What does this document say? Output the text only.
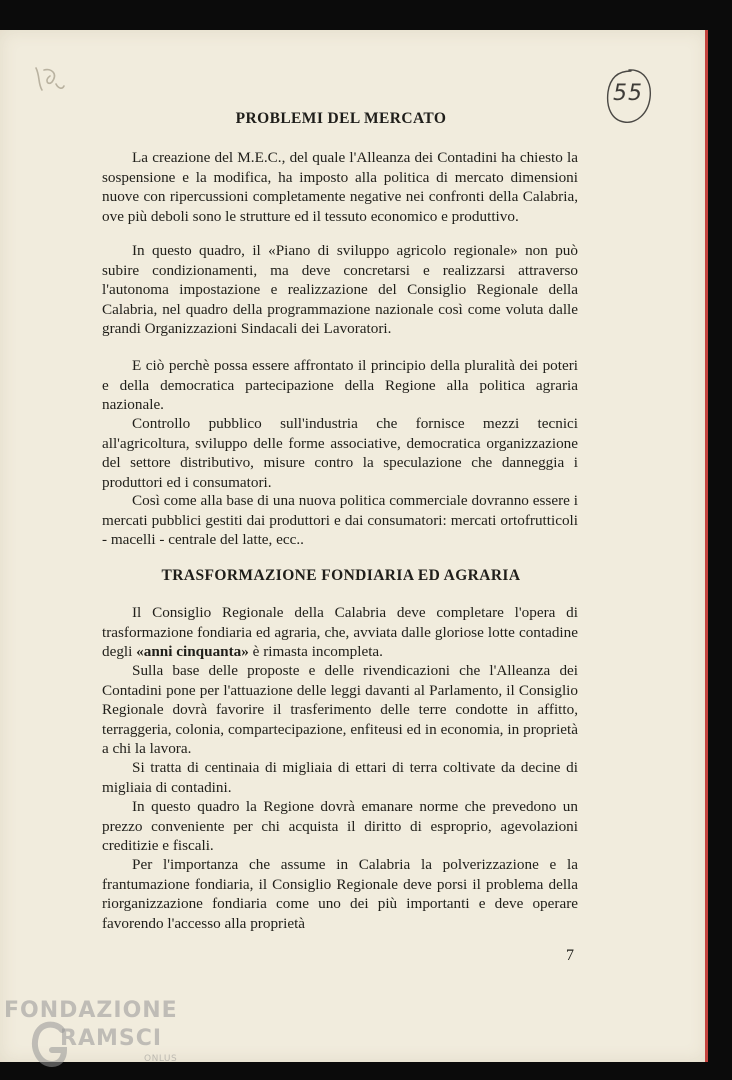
55
PROBLEMI DEL MERCATO

La creazione del M.E.C., del quale l'Alleanza dei Contadini ha chiesto la sospensione e la modifica, ha imposto alla politica di mercato dimensioni nuove con ripercussioni completamente negative nei confronti della Calabria, ove più deboli sono le strutture ed il tessuto economico e produttivo.

In questo quadro, il «Piano di sviluppo agricolo regionale» non può subire condizionamenti, ma deve concretarsi e realizzarsi attraverso l'autonoma impostazione e realizzazione del Consiglio Regionale della Calabria, nel quadro della programmazione nazionale così come voluta dalle grandi Organizzazioni Sindacali dei Lavoratori.

E ciò perchè possa essere affrontato il principio della pluralità dei poteri e della democratica partecipazione della Regione alla politica agraria nazionale.

Controllo pubblico sull'industria che fornisce mezzi tecnici all'agricoltura, sviluppo delle forme associative, democratica organizzazione del settore distributivo, misure contro la speculazione che danneggia i produttori ed i consumatori.

Così come alla base di una nuova politica commerciale dovranno essere i mercati pubblici gestiti dai produttori e dai consumatori: mercati ortofrutticoli - macelli - centrale del latte, ecc..

TRASFORMAZIONE FONDIARIA ED AGRARIA

Il Consiglio Regionale della Calabria deve completare l'opera di trasformazione fondiaria ed agraria, che, avviata dalle gloriose lotte contadine degli «anni cinquanta» è rimasta incompleta.

Sulla base delle proposte e delle rivendicazioni che l'Alleanza dei Contadini pone per l'attuazione delle leggi davanti al Parlamento, il Consiglio Regionale dovrà favorire il trasferimento delle terre condotte in affitto, terraggeria, colonia, compartecipazione, enfiteusi ed in economia, in proprietà a chi la lavora.

Si tratta di centinaia di migliaia di ettari di terra coltivate da decine di migliaia di contadini.

In questo quadro la Regione dovrà emanare norme che prevedono un prezzo conveniente per chi acquista il diritto di esproprio, agevolazioni creditizie e fiscali.

Per l'importanza che assume in Calabria la polverizzazione e la frantumazione fondiaria, il Consiglio Regionale deve porsi il problema della riorganizzazione fondiaria come uno dei più importanti e deve operare favorendo l'accesso alla proprietà

7
FONDAZIONE
RAMSCI
ONLUS
